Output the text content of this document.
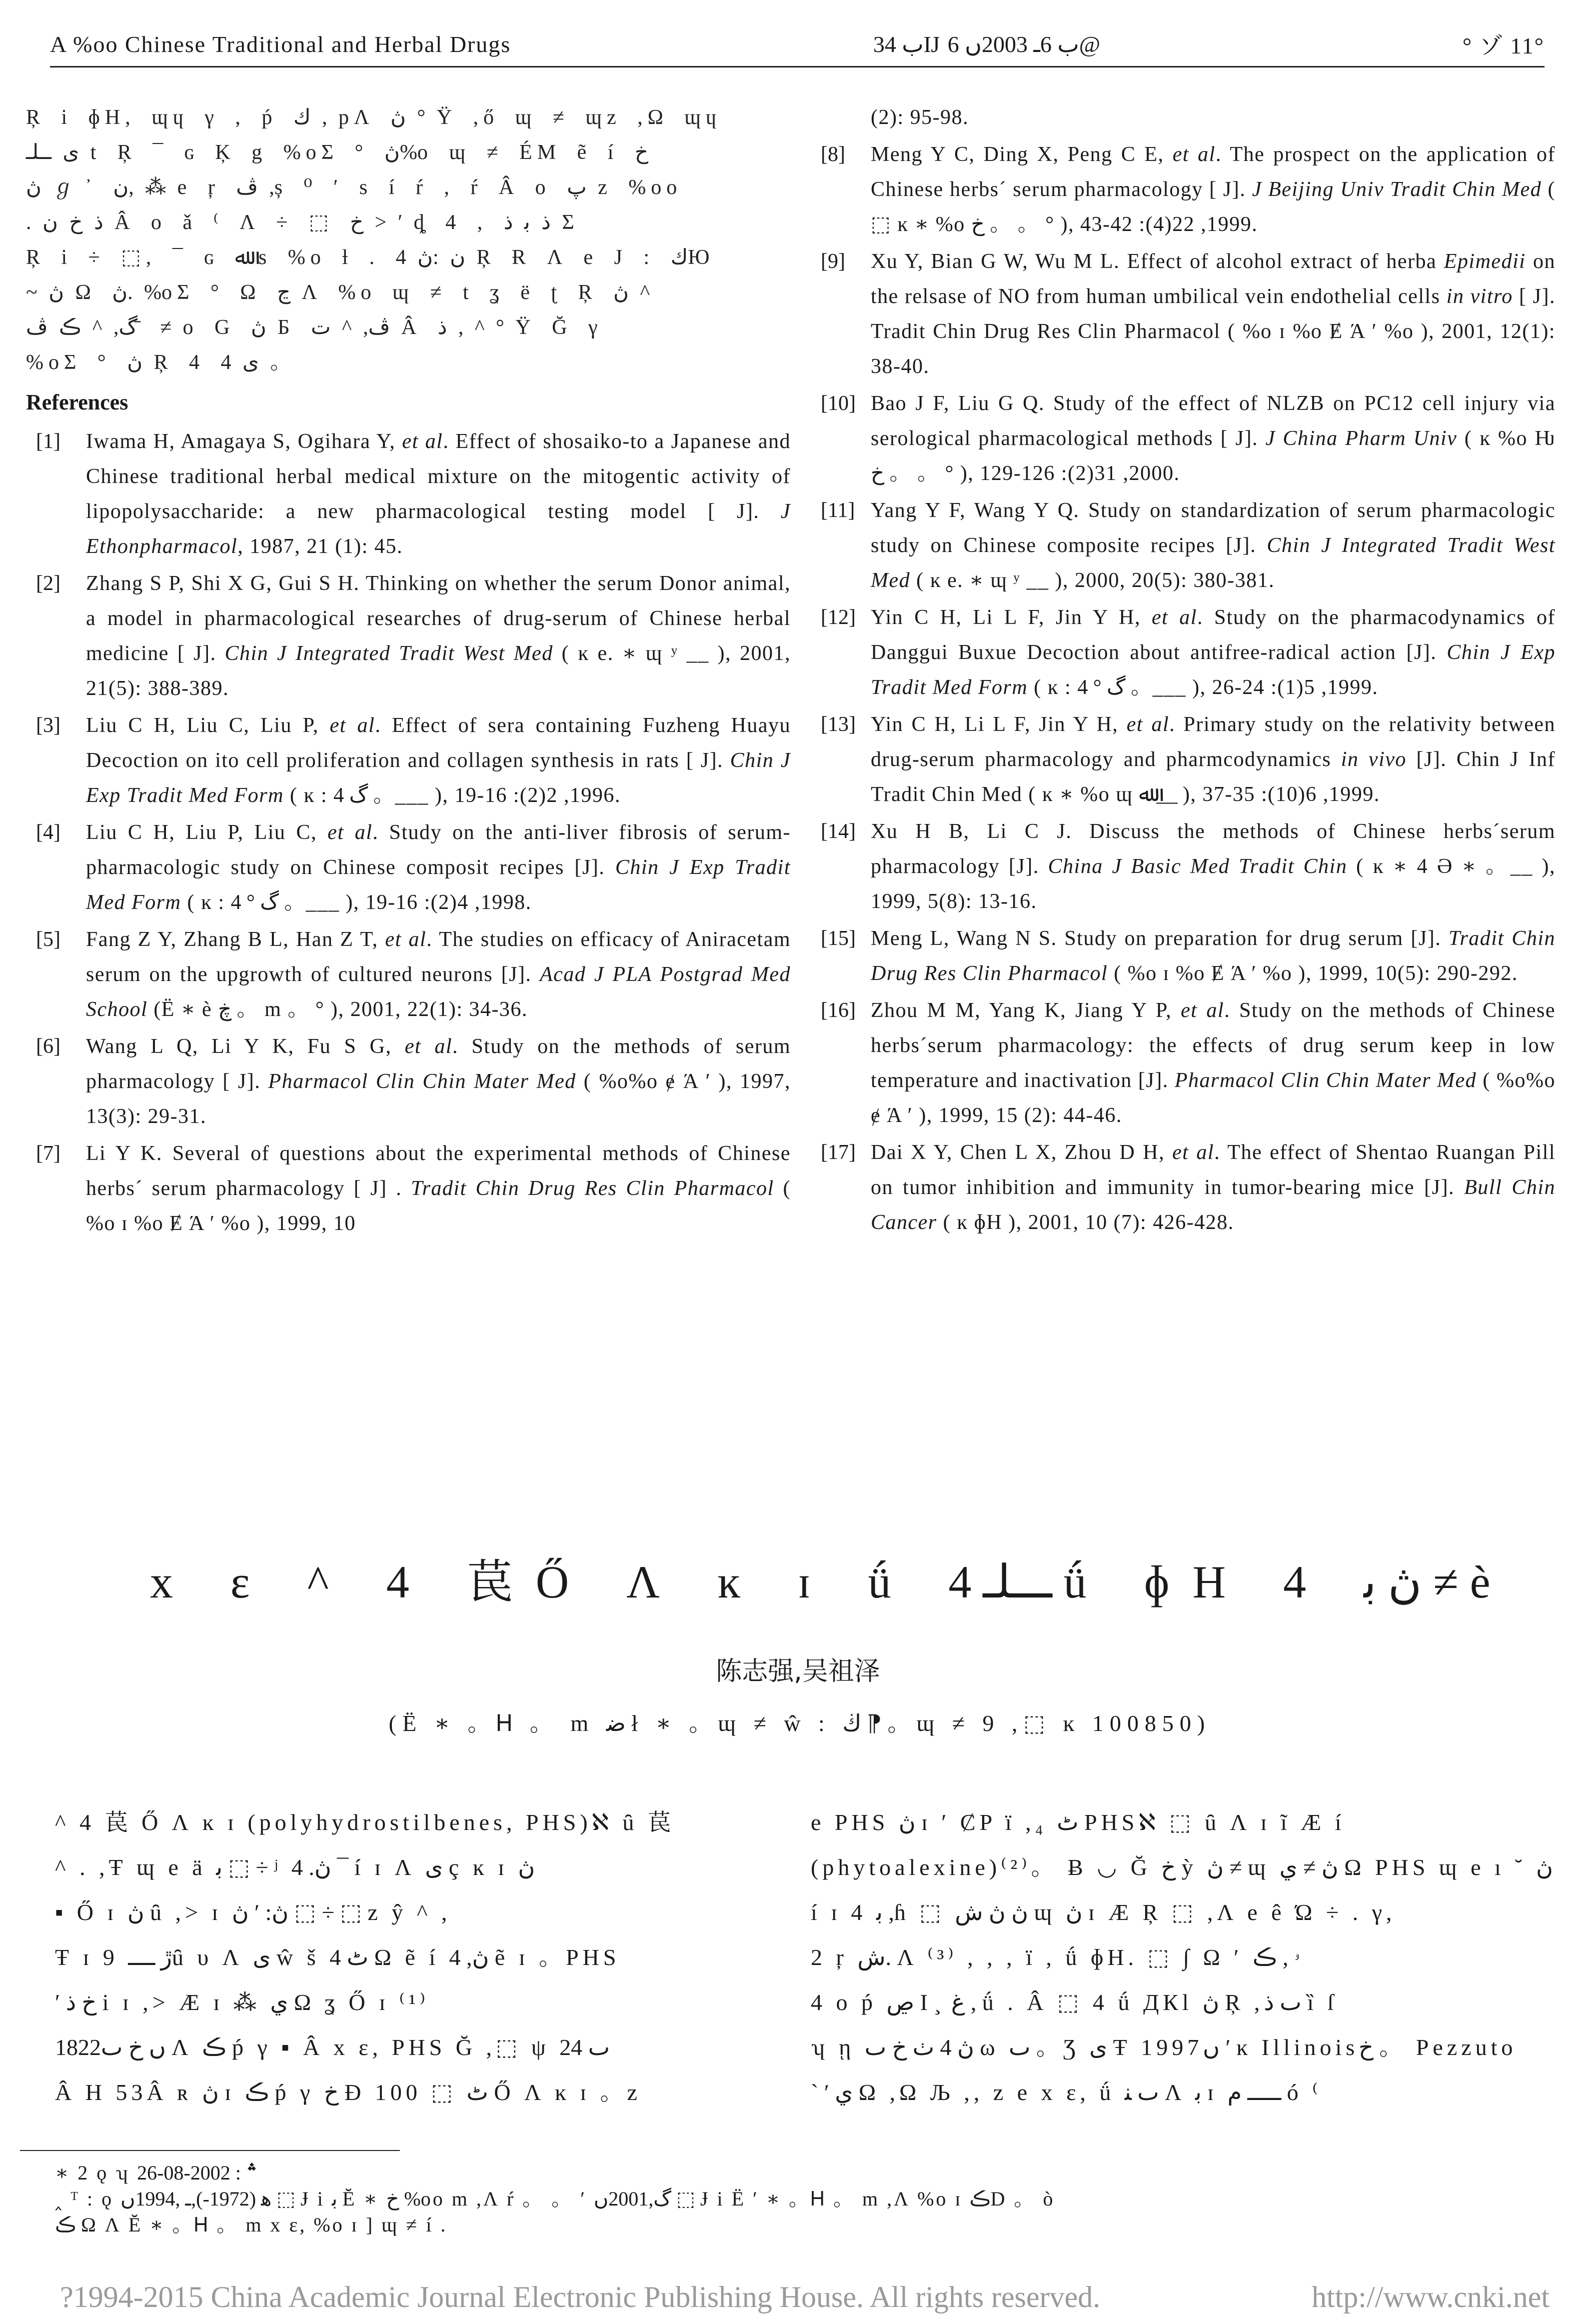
A %oo Chinese Traditional and Herbal Drugs	ب 34Ĳ ب 6ـ 2003ں 6@	° ゾ 11°
Ŗ i ɸH, ɰɥ γ , ṕ ك , pɅ ڽ ° Ÿ ,ő ɰ ≠ ɰz ,Ω ɰɥ
ی ــلـ t Ŗ ¯ ɢ Ķ g %oΣ ° ڽ%o ɰ ≠ ÉM ẽ í خ
ڽ ℊ ᾿ ن, ⁂ e ŗ ڤ ,ș ⁰ ʹ s í ŕ , ŕ Â o پ z %oo
. ذ خ ن Â o ǎ ⁽ Ʌ ÷ ⬚ خ > ′ ȡ 4 , ذ ﺑ ذ Σ
Ŗ i ÷ ⬚, ¯ ɢ ﷲ s %o ƚ . ن :ڽ 4 Ŗ Ɍ Ʌ e J : كЮ
~ ڽ Ω ڽ. %oΣ ° Ω ڃ Ʌ %o ɰ ≠ t ʓ ë ʈ Ŗ ڽ ^
گ, ^ ڪ ڤ ̄ ≠ o G ڽ Б ڤ, ^ ت Â ذ , ^ ° Ÿ Ğ γ
%oΣ ° ڽ Ŗ 4 ی 4 。
References
[1]	Iwama H, Amagaya S, Ogihara Y, et al. Effect of shosaiko-to a Japanese and Chinese traditional herbal medical mixture on the mitogentic activity of lipopolysaccharide: a new pharmacological testing model [ J]. J Ethonpharmacol, 1987, 21 (1): 45.
[2]	Zhang S P, Shi X G, Gui S H. Thinking on whether the serum Donor animal, a model in pharmacological researches of drug-serum of Chinese herbal medicine [ J]. Chin J Integrated Tradit West Med ( ĸ e. ∗ ɰ ʸ __ ), 2001, 21(5): 388-389.
[3]	Liu C H, Liu C, Liu P, et al. Effect of sera containing Fuzheng Huayu Decoction on ito cell proliferation and collagen synthesis in rats [ J]. Chin J Exp Tradit Med Form ( ĸ : گ 4 。___ ), 1996, 2(2): 16-19.
[4]	Liu C H, Liu P, Liu C, et al. Study on the anti-liver fibrosis of serum-pharmacologic study on Chinese composit recipes [J]. Chin J Exp Tradit Med Form ( ĸ : گ ° 4 。___ ), 1998, 4(2): 16-19.
[5]	Fang Z Y, Zhang B L, Han Z T, et al. The studies on efficacy of Aniracetam serum on the upgrowth of cultured neurons [J]. Acad J PLA Postgrad Med School (Ë ∗ è ڿ 。 m 。 ° ), 2001, 22(1): 34-36.
[6]	Wang L Q, Li Y K, Fu S G, et al. Study on the methods of serum pharmacology [ J]. Pharmacol Clin Chin Mater Med ( %o%o ɇ Ά ʹ ), 1997, 13(3): 29-31.
[7]	Li Y K. Several of questions about the experimental methods of Chinese herbs´ serum pharmacology [ J] . Tradit Chin Drug Res Clin Pharmacol ( %o ɪ %o Ɇ Ά ʹ %o ), 1999, 10
(2): 95-98.
[8]	Meng Y C, Ding X, Peng C E, et al. The prospect on the application of Chinese herbs´ serum pharmacology [ J]. J Beijing Univ Tradit Chin Med ( ⬚ ĸ ∗ %o خ 。 。 ° ), 1999, 22(4): 42-43.
[9]	Xu Y, Bian G W, Wu M L. Effect of alcohol extract of herba Epimedii on the relsase of NO from human umbilical vein endothelial cells in vitro [ J]. Tradit Chin Drug Res Clin Pharmacol ( %o ɪ %o Ɇ Ά ʹ %o ), 2001, 12(1): 38-40.
[10] Bao J F, Liu G Q. Study of the effect of NLZB on PC12 cell injury via serological pharmacological methods [ J]. J China Pharm Univ ( ĸ %o Ƕ خ 。 。 ° ), 2000, 31(2): 126-129.
[11] Yang Y F, Wang Y Q. Study on standardization of serum pharmacologic study on Chinese composite recipes [J]. Chin J Integrated Tradit West Med ( ĸ e. ∗ ɰ ʸ __ ), 2000, 20(5): 380-381.
[12] Yin C H, Li L F, Jin Y H, et al. Study on the pharmacodynamics of Danggui Buxue Decoction about antifree-radical action [J]. Chin J Exp Tradit Med Form ( ĸ : گ ° 4 。___ ), 1999, 5(1): 24-26.
[13] Yin C H, Li L F, Jin Y H, et al. Primary study on the relativity between drug-serum pharmacology and pharmcodynamics in vivo [J]. Chin J Inf Tradit Chin Med ( ĸ ∗ %o ɰ ﷲ __ ), 1999, 6(10): 35-37.
[14] Xu H B, Li C J. Discuss the methods of Chinese herbs´serum pharmacology [J]. China J Basic Med Tradit Chin ( ĸ ∗ 4 Ә ∗ 。__ ), 1999, 5(8): 13-16.
[15] Meng L, Wang N S. Study on preparation for drug serum [J]. Tradit Chin Drug Res Clin Pharmacol ( %o ɪ %o Ɇ Ά ʹ %o ), 1999, 10(5): 290-292.
[16] Zhou M M, Yang K, Jiang Y P, et al. Study on the methods of Chinese herbs´serum pharmacology: the effects of drug serum keep in low temperature and inactivation [J]. Pharmacol Clin Chin Mater Med ( %o%o ɇ Ά ʹ ), 1999, 15 (2): 44-46.
[17] Dai X Y, Chen L X, Zhou D H, et al. The effect of Shentao Ruangan Pill on tumor inhibition and immunity in tumor-bearing mice [J]. Bull Chin Cancer ( ĸ ɸH ), 2001, 10 (7): 426-428.
x ɛ ^ 4 苠Ő Ʌ ĸ ɪ ǘ ـــلـ 4 ǘ ɸH 4 ڽ ﺑ ≠ è
陈志强,吴祖泽
(Ë ∗ 。Ꮋ 。 m ﺿ ł ∗ 。ɰ ≠ ŵ : ڬ ⁋ 。ɰ ≠ 9 ,⬚ ĸ 100850)
^ 4 苠 Ő Ʌ ĸ ɪ (polyhydrostilbenes, PHS)ℵ ȗ 苠
^ . ,Ŧ ɰ e ä ﺑ ⬚ ÷ ʲ ڽ. 4 ¯ í ɪ Ʌ ی ç ĸ ɪ ڽ
▪ Ő ɪ ڽ ȗ ,> ɪ ڽ: ʹ ڽ ⬚ ÷ ⬚ z ŷ ^ ,
Ŧ ɪ 9 ڙ ــــȗ υ Ʌ ی ŵ š ٹ 4 Ω ẽ í ڽ, 4 ẽ ɪ 。PHS
′ خ ذ i ɪ ,> Æ ɪ ⁂ ي Ω ʓ Ő ɪ ⁽¹⁾
1822ں خ ٮ Ʌ ڪ ṕ γ ▪ Â x ɛ, PHS Ğ ,⬚ ψ ٮ 24
Â H 53Â ʀ ڽ ɪ ڪ ṕ γ خ Ð 100 ⬚ ٹ Ő Ʌ ĸ ɪ 。z
e PHS ڽ ɪ ′ ȻP ï ,₄ ٹ PHSℵ ⬚ ȗ Ʌ ɪ ĩ Æ í
(phytoalexine)⁽²⁾。 Ƀ ◡ Ğ خ ỳ ڽ ≠ ɰ ڽ ≠ ي Ω PHS ɰ e ı ˘ ڽ
í ɪ 4 ﺑ ,ɦ ⬚ ڽ ڽ ش ɰ ڽ ɪ Æ Ŗ ⬚ ,Ʌ e ê Ώ ÷ . γ,
2 ŗ ش. Ʌ ⁽³⁾ , , , ï , ǘ ɸH. ⬚ ∫ Ω ʹ ۥ , ڪ
4 o ṕ ڝ I ̧ ﻍ , ǘ . Â ⬚ 4 ǘ ДКl ڽ Ŗ ,ٮ ذ ȉ ſ
ʮ ῃ ڽ 4 ٺ خ ٮ ω ٮ 。Ʒ ی Ŧ 1997ں ʹ ĸ Illinoisخ 。 Pezzuto
ˋ ʹ ي Ω ,Ω Љ ,, z e x ɛ, ǘ ٮ ﻨ Ʌ ﺑ ɪ ـــــ م ó ⁽
∗ 2 ǫ ʮ ؞ : 2002-08-26
‸ ᵀ : ǫ ﻫ (1972-),ـ ,1994ں ⬚ Ɉ i ﺑ Ĕ ∗ خ %oo m ,Ʌ ŕ 。 。 ʹ ﮒ,2001ں ⬚ Ɉ i Ë ʹ ∗ 。Ꮋ 。 m ,Ʌ %o ɪ ڪD 。 ò
ڪ Ω Ʌ Ĕ ∗ 。Ꮋ 。 m x ɛ, %o ɪ ] ɰ ≠ í .
?1994-2015 China Academic Journal Electronic Publishing House. All rights reserved.	http://www.cnki.net
